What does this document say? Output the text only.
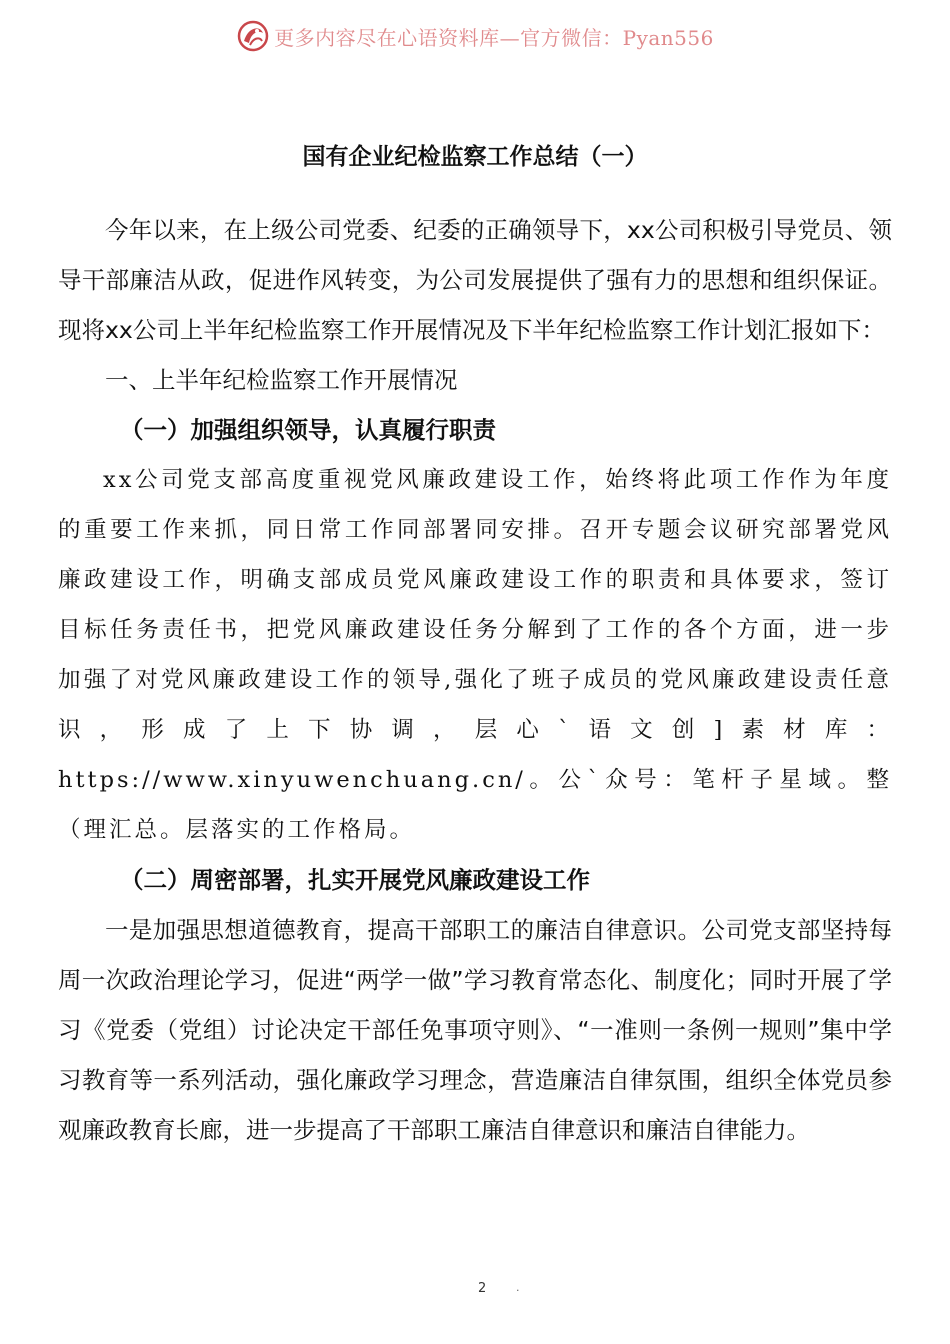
更多内容尽在心语资料库—官方微信：Pyan556
国有企业纪检监察工作总结（一）

今年以来，在上级公司党委、纪委的正确领导下，xx公司积极引导党员、领导干部廉洁从政，促进作风转变，为公司发展提供了强有力的思想和组织保证。现将xx公司上半年纪检监察工作开展情况及下半年纪检监察工作计划汇报如下：

一、上半年纪检监察工作开展情况

（一）加强组织领导，认真履行职责

xx公司党支部高度重视党风廉政建设工作，始终将此项工作作为年度的重要工作来抓，同日常工作同部署同安排。召开专题会议研究部署党风廉政建设工作，明确支部成员党风廉政建设工作的职责和具体要求，签订目标任务责任书，把党风廉政建设任务分解到了工作的各个方面，进一步加强了对党风廉政建设工作的领导,强化了班子成员的党风廉政建设责任意识，形成了上下协调，层心`语文创]素材库：https://www.xinyuwenchuang.cn/。公`众号：笔杆子星域。整（理汇总。层落实的工作格局。

（二）周密部署，扎实开展党风廉政建设工作

一是加强思想道德教育，提高干部职工的廉洁自律意识。公司党支部坚持每周一次政治理论学习，促进“两学一做”学习教育常态化、制度化；同时开展了学习《党委（党组）讨论决定干部任免事项守则》、“一准则一条例一规则”集中学习教育等一系列活动，强化廉政学习理念，营造廉洁自律氛围，组织全体党员参观廉政教育长廊，进一步提高了干部职工廉洁自律意识和廉洁自律能力。

2	.
